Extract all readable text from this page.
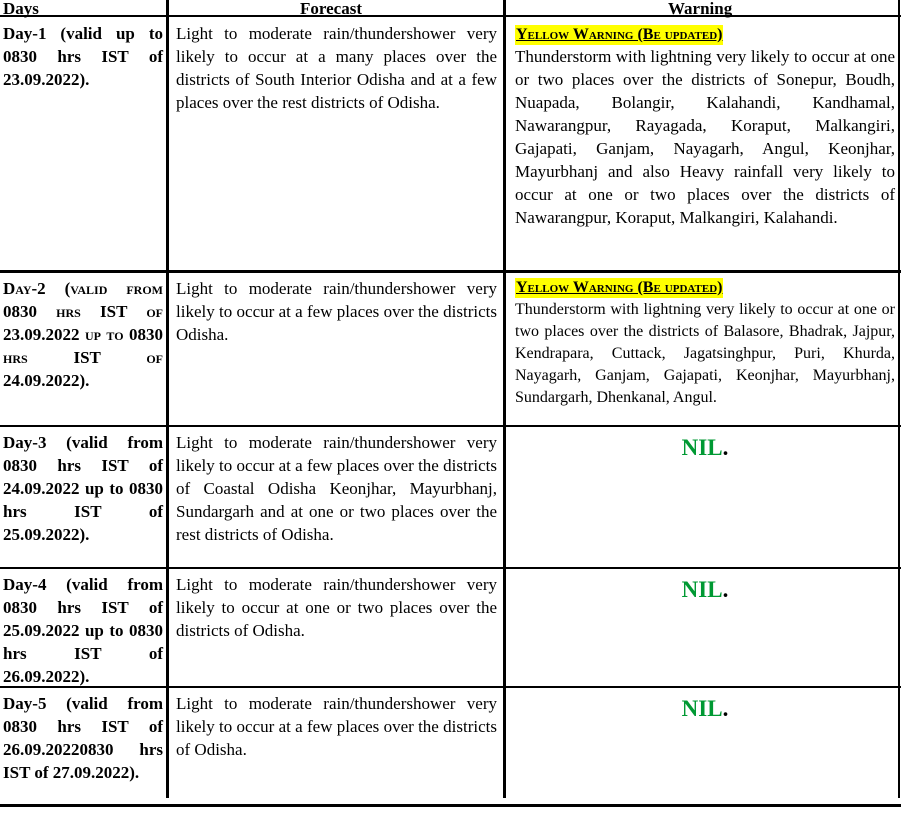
Days	Forecast	Warning
Day-1 (valid up to 0830 hrs IST of 23.09.2022).
Light to moderate rain/thundershower very likely to occur at a many places over the districts of South Interior Odisha and at a few places over the rest districts of Odisha.
Yellow Warning (Be updated)
Thunderstorm with lightning very likely to occur at one or two places over the districts of Sonepur, Boudh, Nuapada, Bolangir, Kalahandi, Kandhamal, Nawarangpur, Rayagada, Koraput, Malkangiri, Gajapati, Ganjam, Nayagarh, Angul, Keonjhar, Mayurbhanj and also Heavy rainfall very likely to occur at one or two places over the districts of Nawarangpur, Koraput, Malkangiri, Kalahandi.
Day-2 (valid from 0830 hrs IST of 23.09.2022 up to 0830 hrs IST of 24.09.2022).
Light to moderate rain/thundershower very likely to occur at a few places over the districts Odisha.
Yellow Warning (Be updated)
Thunderstorm with lightning very likely to occur at one or two places over the districts of Balasore, Bhadrak, Jajpur, Kendrapara, Cuttack, Jagatsinghpur, Puri, Khurda, Nayagarh, Ganjam, Gajapati, Keonjhar, Mayurbhanj, Sundargarh, Dhenkanal, Angul.
Day-3 (valid from 0830 hrs IST of 24.09.2022 up to 0830 hrs IST of 25.09.2022).
Light to moderate rain/thundershower very likely to occur at a few places over the districts of Coastal Odisha Keonjhar, Mayurbhanj, Sundargarh and at one or two places over the rest districts of Odisha.
NIL.
Day-4 (valid from 0830 hrs IST of 25.09.2022 up to 0830 hrs IST of 26.09.2022).
Light to moderate rain/thundershower very likely to occur at one or two places over the districts of Odisha.
NIL.
Day-5 (valid from 0830 hrs IST of 26.09.20220830 hrs IST of 27.09.2022).
Light to moderate rain/thundershower very likely to occur at a few places over the districts of Odisha.
NIL.
